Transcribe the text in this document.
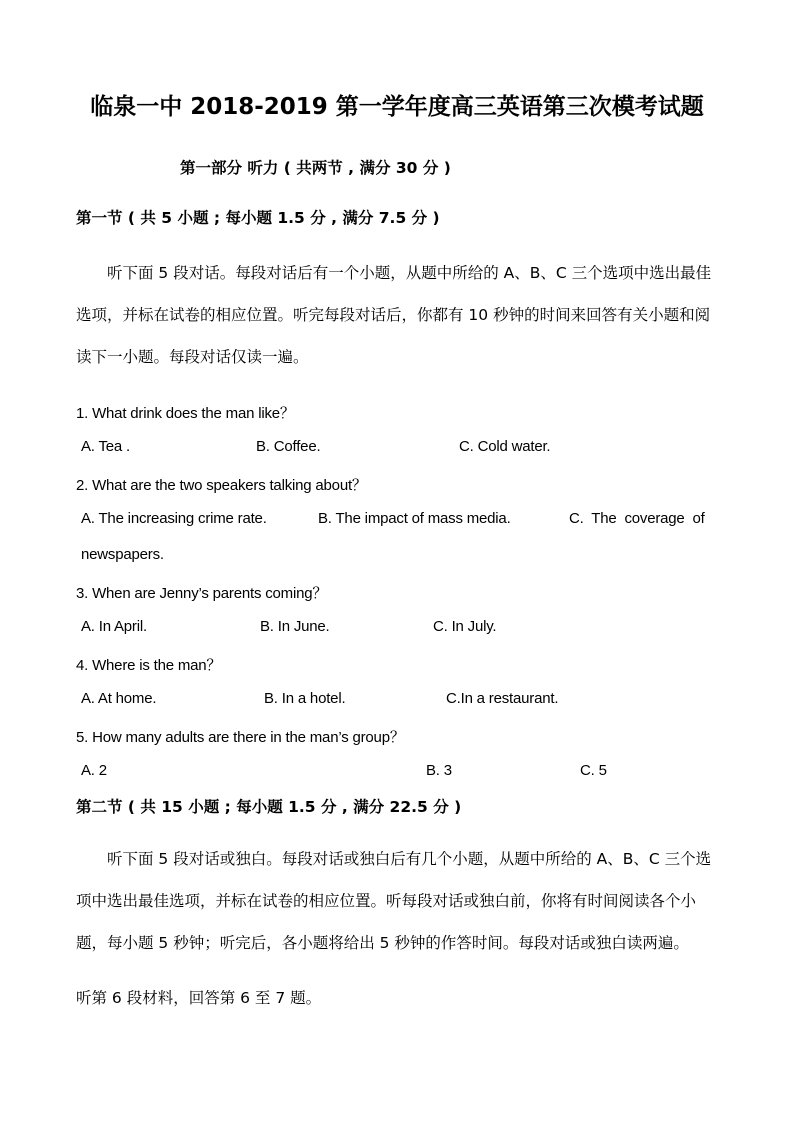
临泉一中 2018-2019 第一学年度高三英语第三次模考试题
第一部分 听力 ( 共两节 , 满分 30 分 )
第一节 ( 共 5 小题 ; 每小题 1.5 分 , 满分 7.5 分 )

听下面 5 段对话。每段对话后有一个小题，从题中所给的 A、B、C 三个选项中选出最佳选项，并标在试卷的相应位置。听完每段对话后，你都有 10 秒钟的时间来回答有关小题和阅读下一小题。每段对话仅读一遍。

1. What drink does the man like？
A. Tea .	B. Coffee.	C. Cold water.
2. What are the two speakers talking about？
A. The increasing crime rate.	B. The impact of mass media.	C.  The  coverage  of
newspapers.
3. When are Jenny’s parents coming？
A. In April.	B. In June.	C. In July.
4. Where is the man？
A. At home.	B. In a hotel.	C.In a restaurant.
5. How many adults are there in the man’s group？
A. 2	B. 3	C. 5
第二节 ( 共 15 小题 ; 每小题 1.5 分 , 满分 22.5 分 )

听下面 5 段对话或独白。每段对话或独白后有几个小题，从题中所给的 A、B、C 三个选项中选出最佳选项，并标在试卷的相应位置。听每段对话或独白前，你将有时间阅读各个小题，每小题 5 秒钟；听完后，各小题将给出 5 秒钟的作答时间。每段对话或独白读两遍。

听第 6 段材料，回答第 6 至 7 题。
